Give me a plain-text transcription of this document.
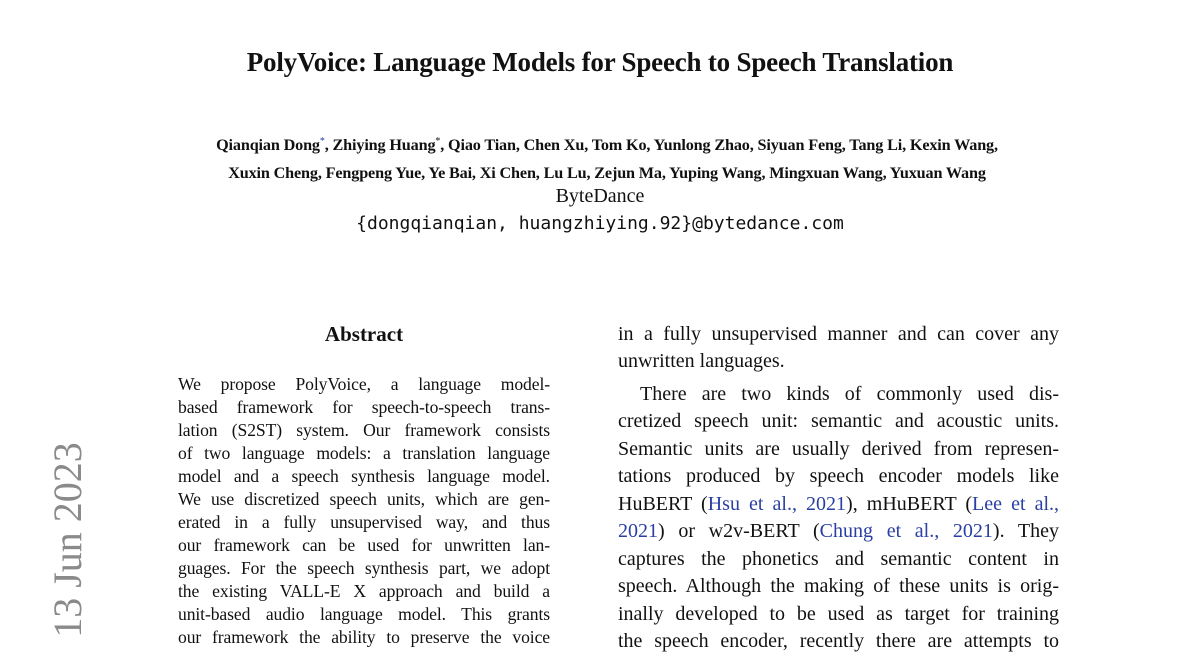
PolyVoice: Language Models for Speech to Speech Translation
Qianqian Dong*, Zhiying Huang*, Qiao Tian, Chen Xu, Tom Ko, Yunlong Zhao, Siyuan Feng, Tang Li, Kexin Wang,
Xuxin Cheng, Fengpeng Yue, Ye Bai, Xi Chen, Lu Lu, Zejun Ma, Yuping Wang, Mingxuan Wang, Yuxuan Wang
ByteDance
{dongqianqian, huangzhiying.92}@bytedance.com
13 Jun 2023
Abstract
We propose PolyVoice, a language model-
based framework for speech-to-speech trans-
lation (S2ST) system. Our framework consists
of two language models: a translation language
model and a speech synthesis language model.
We use discretized speech units, which are gen-
erated in a fully unsupervised way, and thus
our framework can be used for unwritten lan-
guages. For the speech synthesis part, we adopt
the existing VALL-E X approach and build a
unit-based audio language model. This grants
our framework the ability to preserve the voice
in a fully unsupervised manner and can cover any
unwritten languages.
There are two kinds of commonly used dis-
cretized speech unit: semantic and acoustic units.
Semantic units are usually derived from represen-
tations produced by speech encoder models like
HuBERT (Hsu et al., 2021), mHuBERT (Lee et al.,
2021) or w2v-BERT (Chung et al., 2021). They
captures the phonetics and semantic content in
speech. Although the making of these units is orig-
inally developed to be used as target for training
the speech encoder, recently there are attempts to
